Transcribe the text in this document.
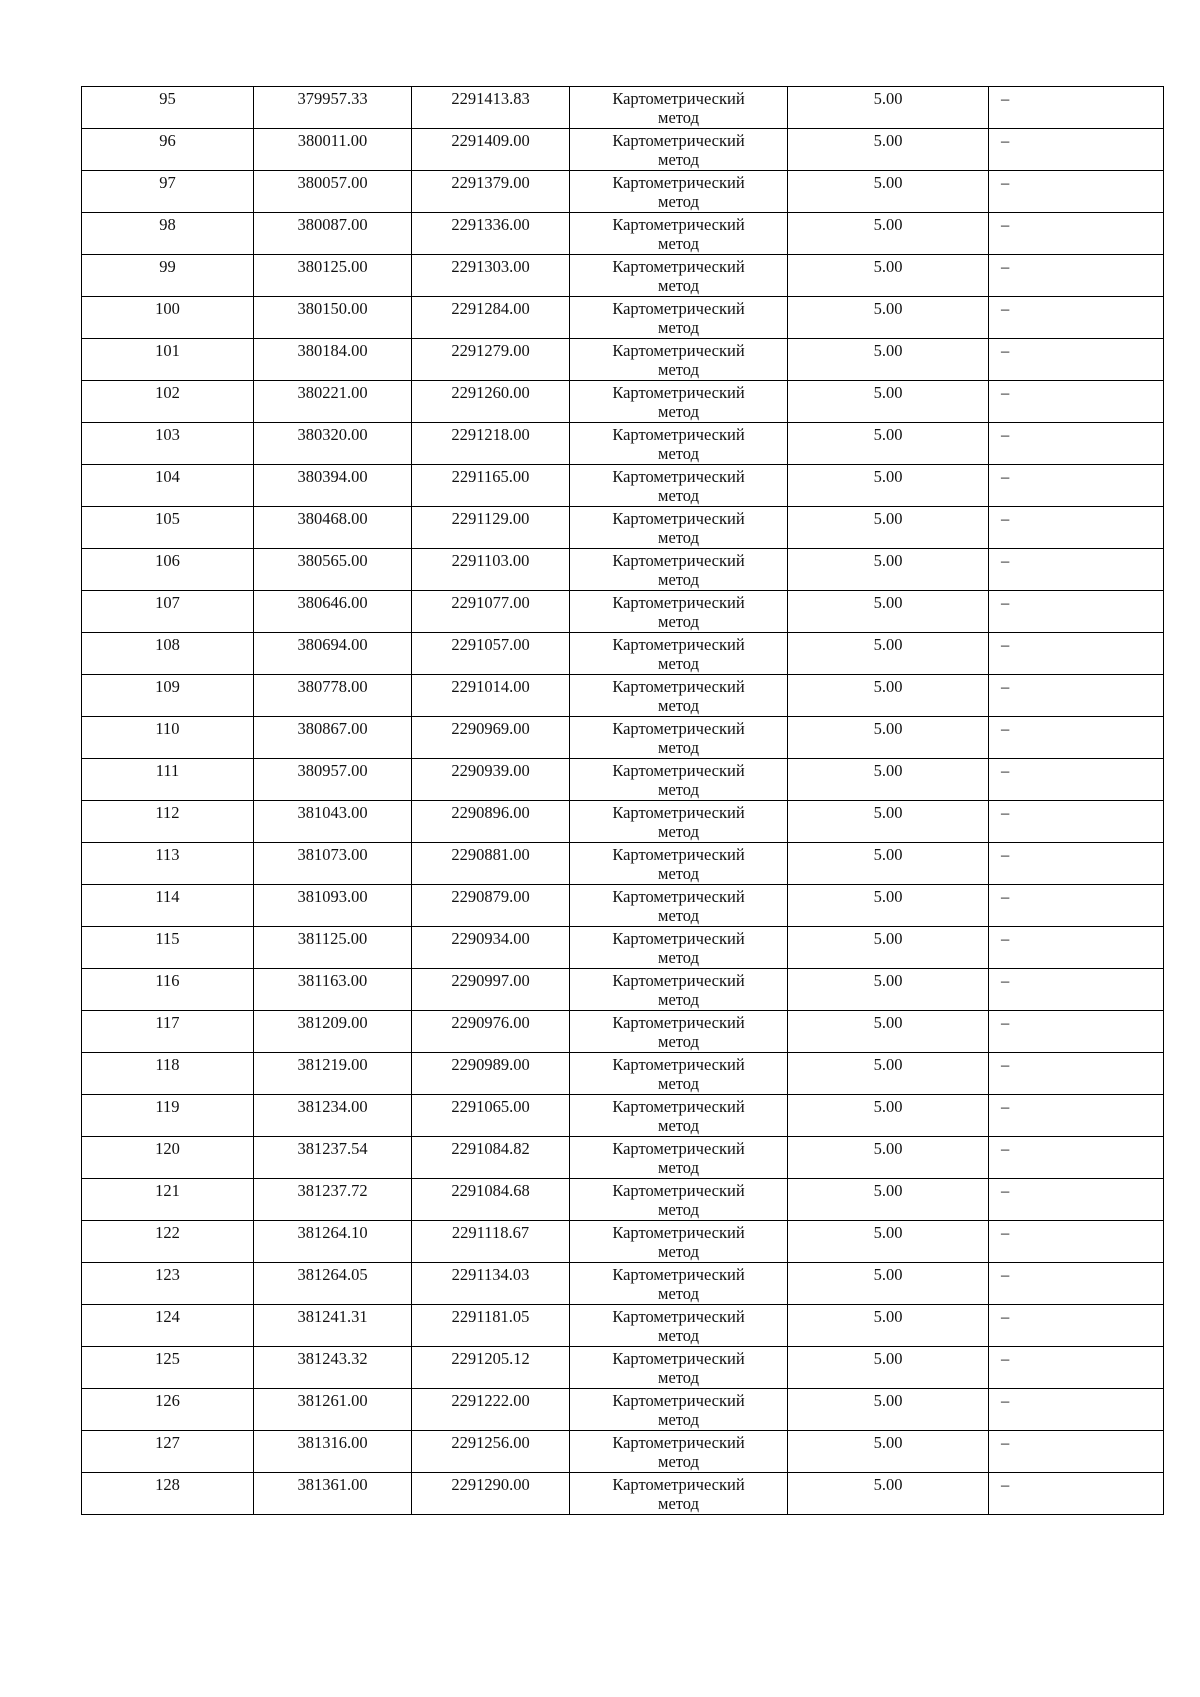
95	379957.33	2291413.83	Картометрический
метод	5.00	–
96	380011.00	2291409.00	Картометрический
метод	5.00	–
97	380057.00	2291379.00	Картометрический
метод	5.00	–
98	380087.00	2291336.00	Картометрический
метод	5.00	–
99	380125.00	2291303.00	Картометрический
метод	5.00	–
100	380150.00	2291284.00	Картометрический
метод	5.00	–
101	380184.00	2291279.00	Картометрический
метод	5.00	–
102	380221.00	2291260.00	Картометрический
метод	5.00	–
103	380320.00	2291218.00	Картометрический
метод	5.00	–
104	380394.00	2291165.00	Картометрический
метод	5.00	–
105	380468.00	2291129.00	Картометрический
метод	5.00	–
106	380565.00	2291103.00	Картометрический
метод	5.00	–
107	380646.00	2291077.00	Картометрический
метод	5.00	–
108	380694.00	2291057.00	Картометрический
метод	5.00	–
109	380778.00	2291014.00	Картометрический
метод	5.00	–
110	380867.00	2290969.00	Картометрический
метод	5.00	–
111	380957.00	2290939.00	Картометрический
метод	5.00	–
112	381043.00	2290896.00	Картометрический
метод	5.00	–
113	381073.00	2290881.00	Картометрический
метод	5.00	–
114	381093.00	2290879.00	Картометрический
метод	5.00	–
115	381125.00	2290934.00	Картометрический
метод	5.00	–
116	381163.00	2290997.00	Картометрический
метод	5.00	–
117	381209.00	2290976.00	Картометрический
метод	5.00	–
118	381219.00	2290989.00	Картометрический
метод	5.00	–
119	381234.00	2291065.00	Картометрический
метод	5.00	–
120	381237.54	2291084.82	Картометрический
метод	5.00	–
121	381237.72	2291084.68	Картометрический
метод	5.00	–
122	381264.10	2291118.67	Картометрический
метод	5.00	–
123	381264.05	2291134.03	Картометрический
метод	5.00	–
124	381241.31	2291181.05	Картометрический
метод	5.00	–
125	381243.32	2291205.12	Картометрический
метод	5.00	–
126	381261.00	2291222.00	Картометрический
метод	5.00	–
127	381316.00	2291256.00	Картометрический
метод	5.00	–
128	381361.00	2291290.00	Картометрический
метод	5.00	–
